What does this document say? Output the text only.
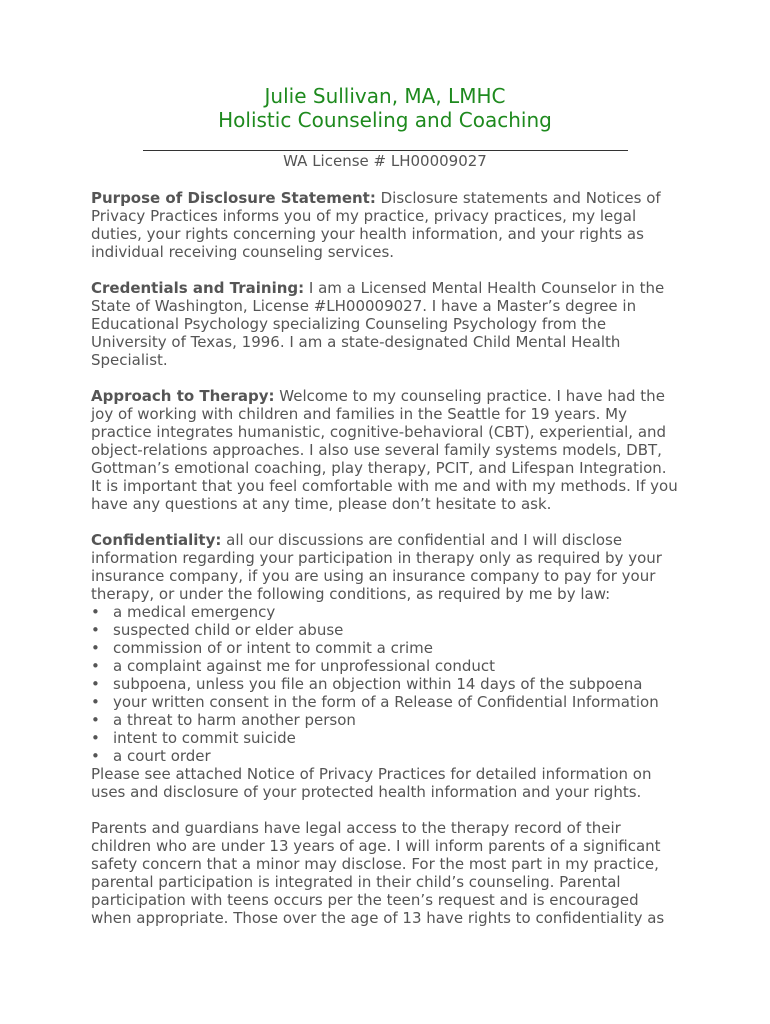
Julie Sullivan, MA, LMHC
Holistic Counseling and Coaching
WA License # LH00009027

Purpose of Disclosure Statement: Disclosure statements and Notices of Privacy Practices informs you of my practice, privacy practices, my legal duties, your rights concerning your health information, and your rights as individual receiving counseling services.

Credentials and Training: I am a Licensed Mental Health Counselor in the State of Washington, License #LH00009027. I have a Master’s degree in Educational Psychology specializing Counseling Psychology from the University of Texas, 1996. I am a state-designated Child Mental Health Specialist.

Approach to Therapy: Welcome to my counseling practice. I have had the joy of working with children and families in the Seattle for 19 years. My practice integrates humanistic, cognitive-behavioral (CBT), experiential, and object-relations approaches. I also use several family systems models, DBT, Gottman’s emotional coaching, play therapy, PCIT, and Lifespan Integration. It is important that you feel comfortable with me and with my methods. If you have any questions at any time, please don’t hesitate to ask.

Confidentiality: all our discussions are confidential and I will disclose information regarding your participation in therapy only as required by your insurance company, if you are using an insurance company to pay for your therapy, or under the following conditions, as required by me by law:

• a medical emergency
• suspected child or elder abuse
• commission of or intent to commit a crime
• a complaint against me for unprofessional conduct
• subpoena, unless you file an objection within 14 days of the subpoena
• your written consent in the form of a Release of Confidential Information
• a threat to harm another person
• intent to commit suicide
• a court order

Please see attached Notice of Privacy Practices for detailed information on uses and disclosure of your protected health information and your rights.

Parents and guardians have legal access to the therapy record of their children who are under 13 years of age. I will inform parents of a significant safety concern that a minor may disclose. For the most part in my practice, parental participation is integrated in their child’s counseling. Parental participation with teens occurs per the teen’s request and is encouraged when appropriate. Those over the age of 13 have rights to confidentiality as
